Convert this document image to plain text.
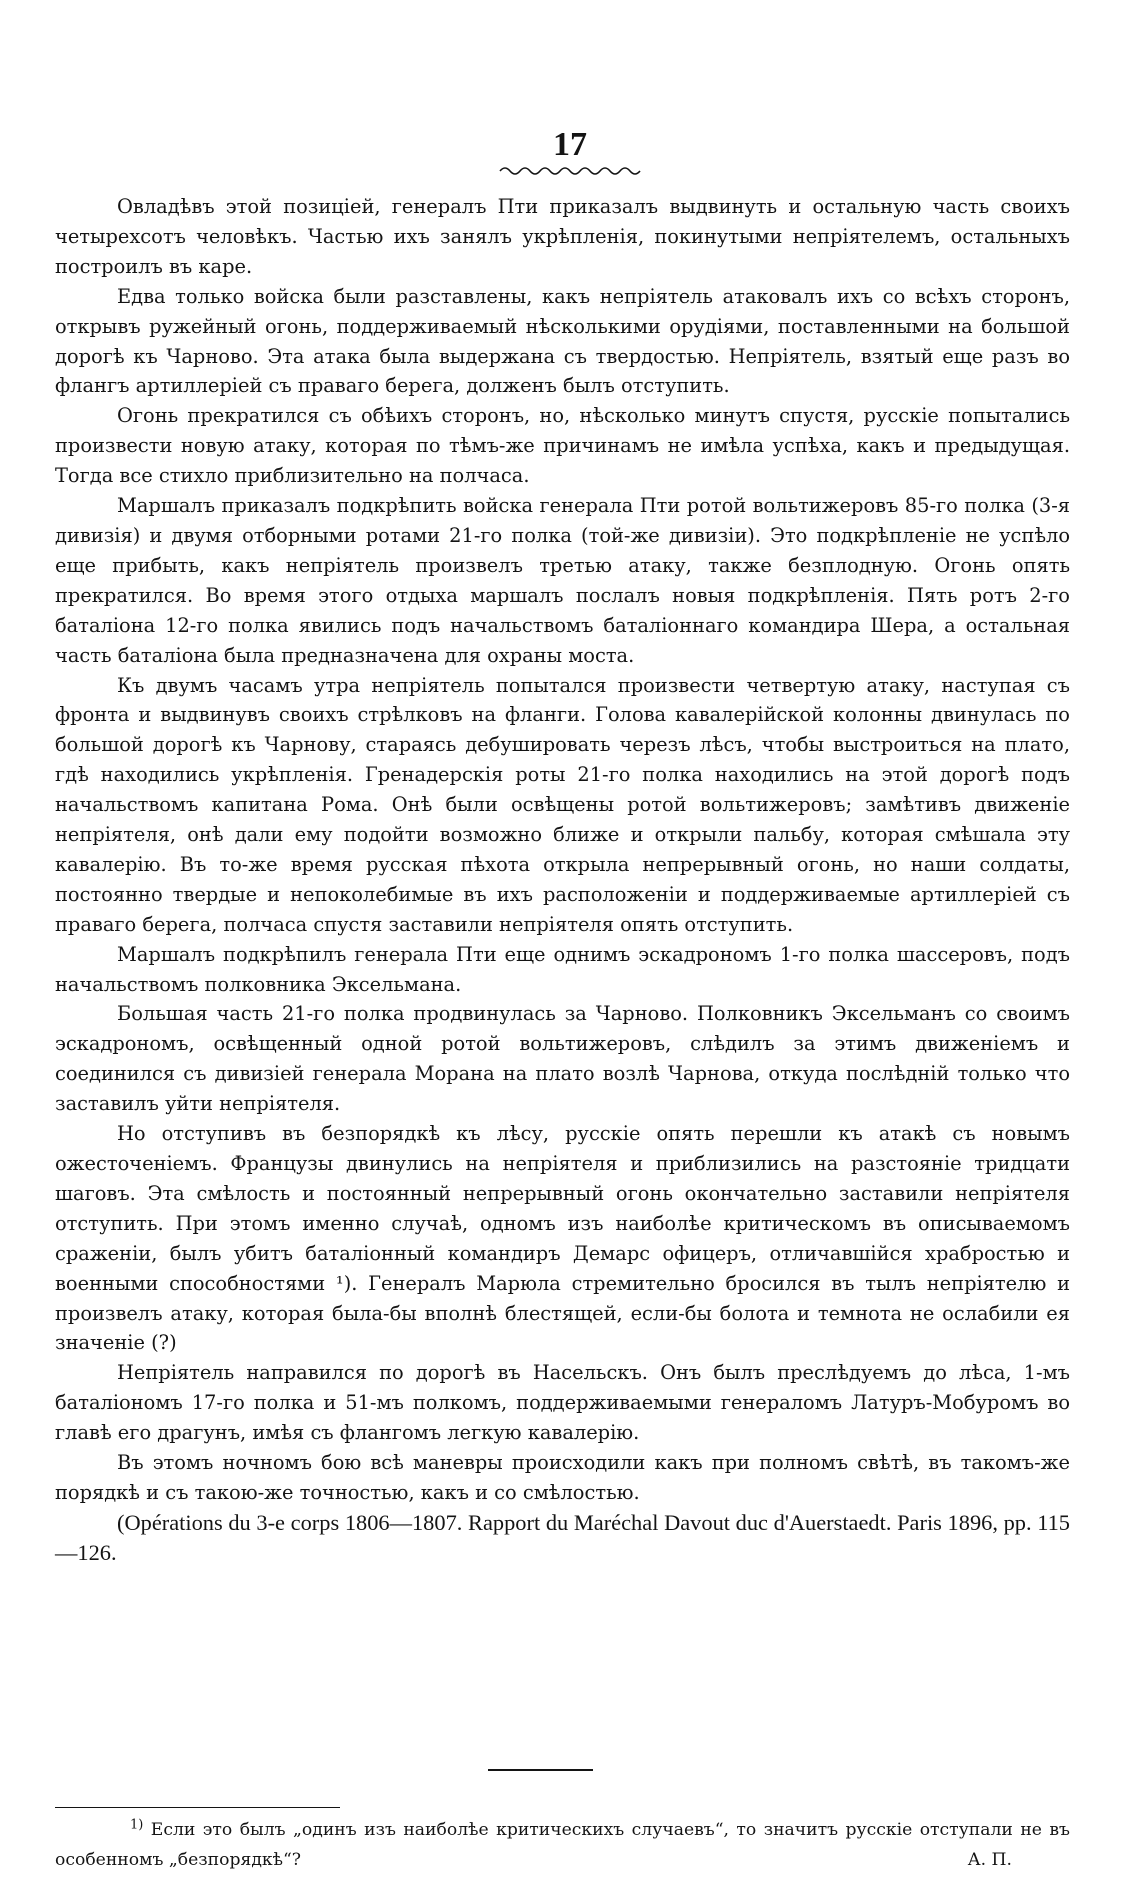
17

Овладѣвъ этой позиціей, генералъ Пти приказалъ выдвинуть и остальную часть своихъ четырехсотъ человѣкъ. Частью ихъ занялъ укрѣпленія, покинутыми непріятелемъ, остальныхъ построилъ въ каре.

Едва только войска были разставлены, какъ непріятель атаковалъ ихъ со всѣхъ сторонъ, открывъ ружейный огонь, поддерживаемый нѣсколькими орудіями, поставленными на большой дорогѣ къ Чарново. Эта атака была выдержана съ твердостью. Непріятель, взятый еще разъ во флангъ артиллеріей съ праваго берега, долженъ былъ отступить.

Огонь прекратился съ обѣихъ сторонъ, но, нѣсколько минутъ спустя, русскіе попытались произвести новую атаку, которая по тѣмъ-же причинамъ не имѣла успѣха, какъ и предыдущая. Тогда все стихло приблизительно на полчаса.

Маршалъ приказалъ подкрѣпить войска генерала Пти ротой вольтижеровъ 85-го полка (3-я дивизія) и двумя отборными ротами 21-го полка (той-же дивизіи). Это подкрѣпленіе не успѣло еще прибыть, какъ непріятель произвелъ третью атаку, также безплодную. Огонь опять прекратился. Во время этого отдыха маршалъ послалъ новыя подкрѣпленія. Пять ротъ 2-го баталіона 12-го полка явились подъ начальствомъ баталіоннаго командира Шера, а остальная часть баталіона была предназначена для охраны моста.

Къ двумъ часамъ утра непріятель попытался произвести четвертую атаку, наступая съ фронта и выдвинувъ своихъ стрѣлковъ на фланги. Голова кавалерійской колонны двинулась по большой дорогѣ къ Чарнову, стараясь дебушировать черезъ лѣсъ, чтобы выстроиться на плато, гдѣ находились укрѣпленія. Гренадерскія роты 21-го полка находились на этой дорогѣ подъ начальствомъ капитана Рома. Онѣ были освѣщены ротой вольтижеровъ; замѣтивъ движеніе непріятеля, онѣ дали ему подойти возможно ближе и открыли пальбу, которая смѣшала эту кавалерію. Въ то-же время русская пѣхота открыла непрерывный огонь, но наши солдаты, постоянно твердые и непоколебимые въ ихъ расположеніи и поддерживаемые артиллеріей съ праваго берега, полчаса спустя заставили непріятеля опять отступить.

Маршалъ подкрѣпилъ генерала Пти еще однимъ эскадрономъ 1-го полка шассеровъ, подъ начальствомъ полковника Эксельмана.

Большая часть 21-го полка продвинулась за Чарново. Полковникъ Эксельманъ со своимъ эскадрономъ, освѣщенный одной ротой вольтижеровъ, слѣдилъ за этимъ движеніемъ и соединился съ дивизіей генерала Морана на плато возлѣ Чарнова, откуда послѣдній только что заставилъ уйти непріятеля.

Но отступивъ въ безпорядкѣ къ лѣсу, русскіе опять перешли къ атакѣ съ новымъ ожесточеніемъ. Французы двинулись на непріятеля и приблизились на разстояніе тридцати шаговъ. Эта смѣлость и постоянный непрерывный огонь окончательно заставили непріятеля отступить. При этомъ именно случаѣ, одномъ изъ наиболѣе критическомъ въ описываемомъ сраженіи, былъ убитъ баталіонный командиръ Демарс офицеръ, отличавшійся храбростью и военными способностями ¹). Генералъ Марюла стремительно бросился въ тылъ непріятелю и произвелъ атаку, которая была-бы вполнѣ блестящей, если-бы болота и темнота не ослабили ея значеніе (?)

Непріятель направился по дорогѣ въ Насельскъ. Онъ былъ преслѣдуемъ до лѣса, 1-мъ баталіономъ 17-го полка и 51-мъ полкомъ, поддерживаемыми генераломъ Латуръ-Мобуромъ во главѣ его драгунъ, имѣя съ флангомъ легкую кавалерію.

Въ этомъ ночномъ бою всѣ маневры происходили какъ при полномъ свѣтѣ, въ такомъ-же порядкѣ и съ такою-же точностью, какъ и со смѣлостью.

(Opérations du 3-e corps 1806—1807. Rapport du Maréchal Davout duc d'Auerstaedt. Paris 1896, pp. 115—126.

$^{1)}$ Если это былъ „одинъ изъ наиболѣе критическихъ случаевъ“, то значитъ русскіе отступали не въ особенномъ „безпорядкѣ“?	А. П.
